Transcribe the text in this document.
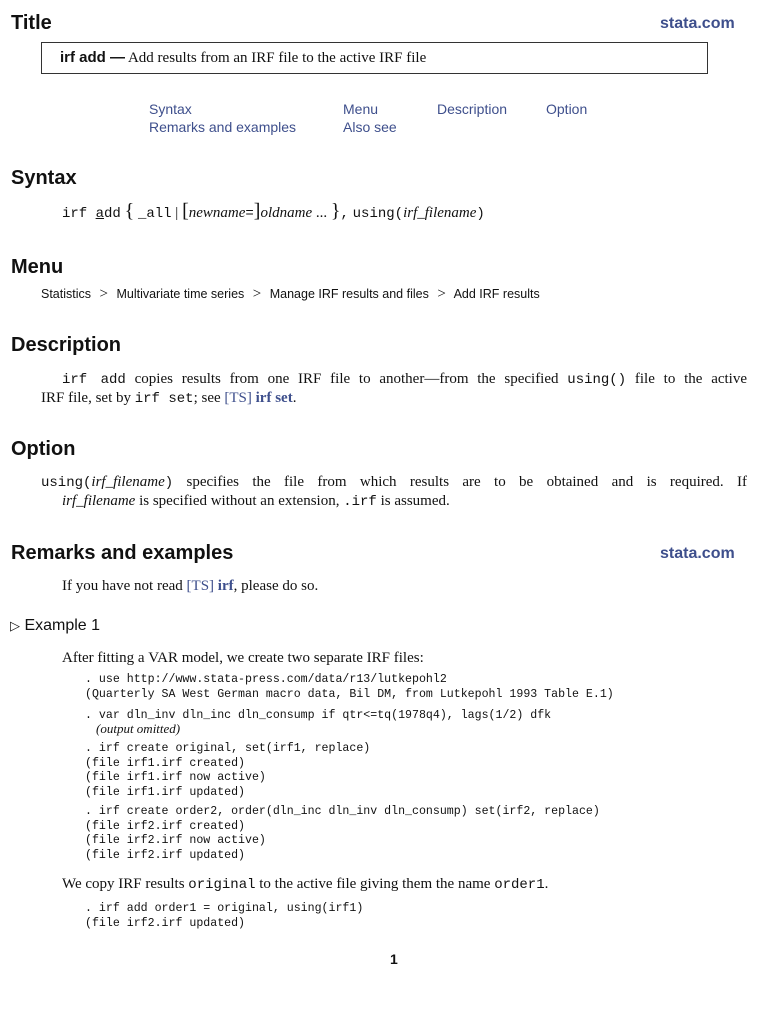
Title	stata.com
irf add — Add results from an IRF file to the active IRF file
Syntax	Menu	Description	Option
Remarks and examples	Also see
Syntax
irf add { _all | [newname=]oldname ... }, using(irf_filename)
Menu
Statistics > Multivariate time series > Manage IRF results and files > Add IRF results
Description
irf add copies results from one IRF file to another—from the specified using() file to the active
IRF file, set by irf set; see [TS] irf set.
Option
using(irf_filename) specifies the file from which results are to be obtained and is required. If
irf_filename is specified without an extension, .irf is assumed.
Remarks and examples	stata.com
If you have not read [TS] irf, please do so.
▷ Example 1
After fitting a VAR model, we create two separate IRF files:
. use http://www.stata-press.com/data/r13/lutkepohl2
(Quarterly SA West German macro data, Bil DM, from Lutkepohl 1993 Table E.1)
. var dln_inv dln_inc dln_consump if qtr<=tq(1978q4), lags(1/2) dfk
(output omitted)
. irf create original, set(irf1, replace)
(file irf1.irf created)
(file irf1.irf now active)
(file irf1.irf updated)
. irf create order2, order(dln_inc dln_inv dln_consump) set(irf2, replace)
(file irf2.irf created)
(file irf2.irf now active)
(file irf2.irf updated)
We copy IRF results original to the active file giving them the name order1.
. irf add order1 = original, using(irf1)
(file irf2.irf updated)
1
